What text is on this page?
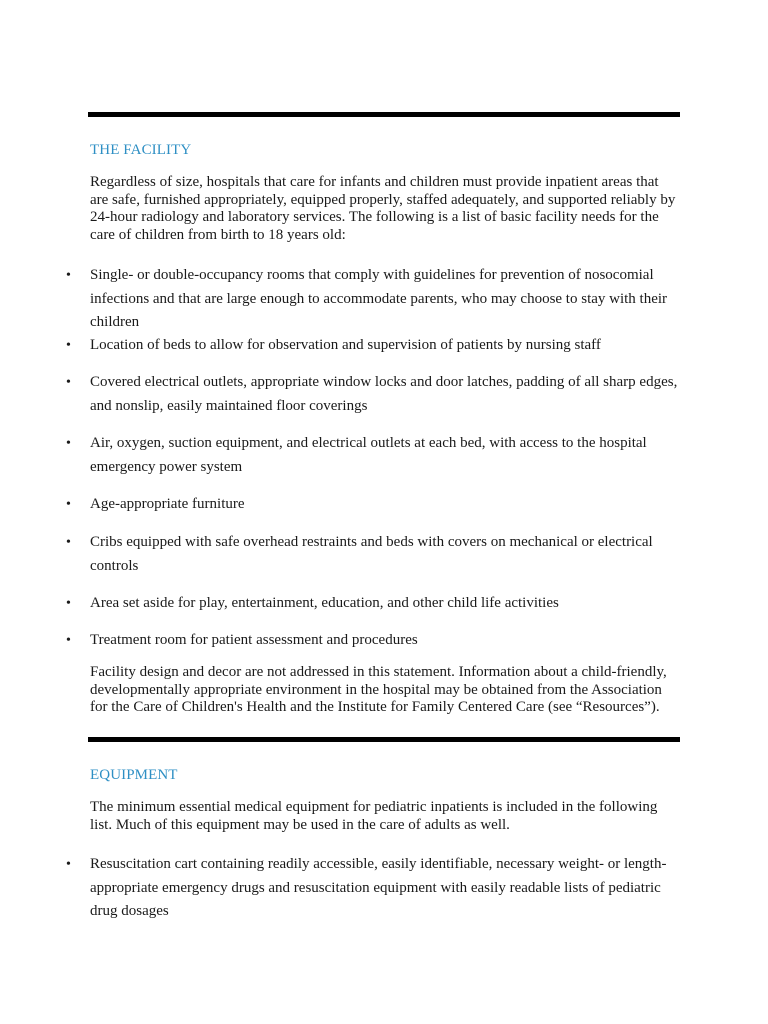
THE FACILITY

Regardless of size, hospitals that care for infants and children must provide inpatient areas that are safe, furnished appropriately, equipped properly, staffed adequately, and supported reliably by 24-hour radiology and laboratory services. The following is a list of basic facility needs for the care of children from birth to 18 years old:

• Single- or double-occupancy rooms that comply with guidelines for prevention of nosocomial infections and that are large enough to accommodate parents, who may choose to stay with their children
• Location of beds to allow for observation and supervision of patients by nursing staff
• Covered electrical outlets, appropriate window locks and door latches, padding of all sharp edges, and nonslip, easily maintained floor coverings
• Air, oxygen, suction equipment, and electrical outlets at each bed, with access to the hospital emergency power system
• Age-appropriate furniture
• Cribs equipped with safe overhead restraints and beds with covers on mechanical or electrical controls
• Area set aside for play, entertainment, education, and other child life activities
• Treatment room for patient assessment and procedures

Facility design and decor are not addressed in this statement. Information about a child-friendly, developmentally appropriate environment in the hospital may be obtained from the Association for the Care of Children's Health and the Institute for Family Centered Care (see “Resources”).

EQUIPMENT

The minimum essential medical equipment for pediatric inpatients is included in the following list. Much of this equipment may be used in the care of adults as well.

• Resuscitation cart containing readily accessible, easily identifiable, necessary weight- or length-appropriate emergency drugs and resuscitation equipment with easily readable lists of pediatric drug dosages
